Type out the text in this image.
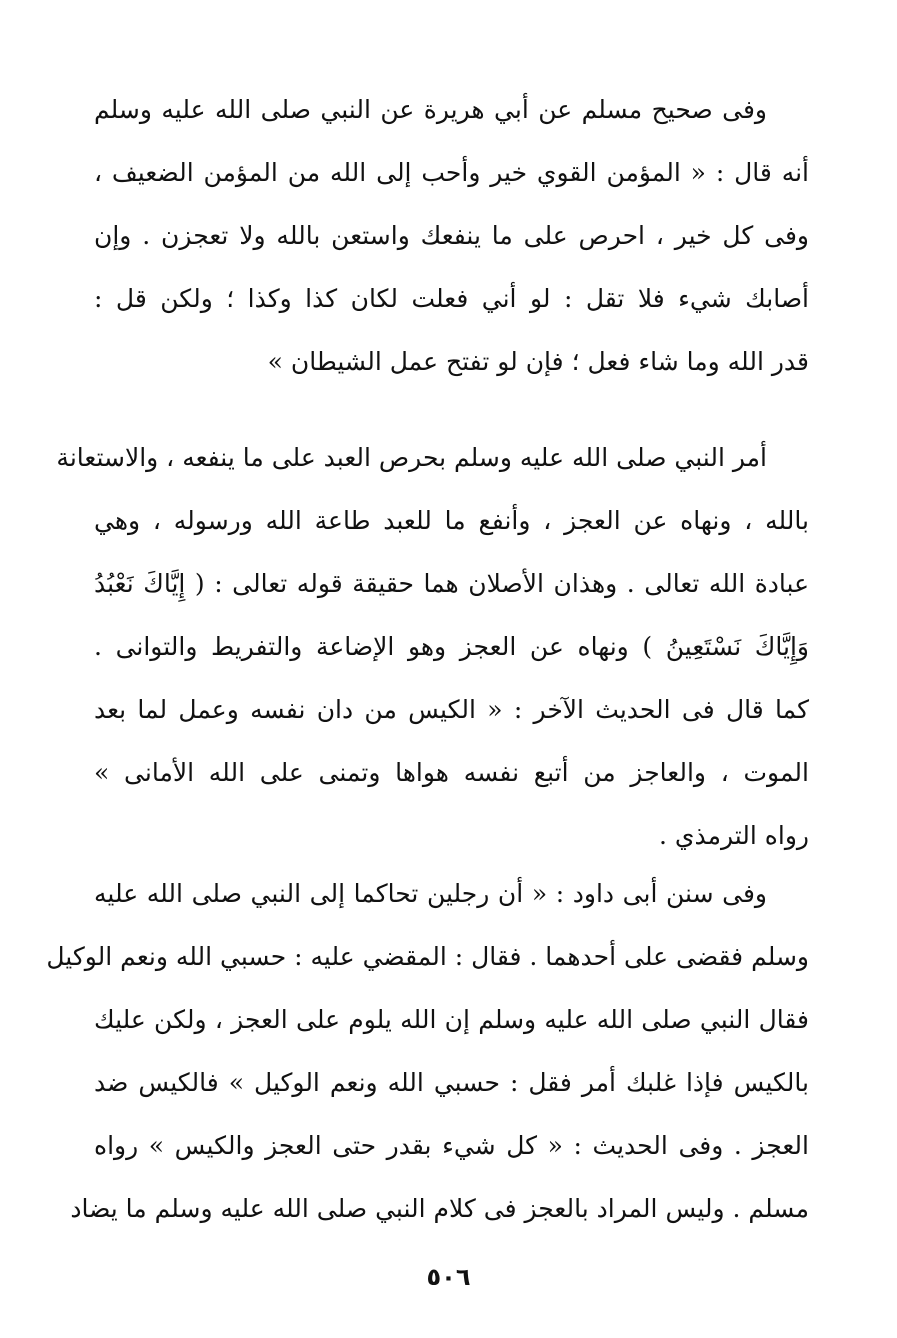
وفى صحيح مسلم عن أبي هريرة عن النبي صلى الله عليه وسلم
أنه قال : « المؤمن القوي خير وأحب إلى الله من المؤمن الضعيف ،
وفى كل خير ، احرص على ما ينفعك واستعن بالله ولا تعجزن . وإن
أصابك شيء فلا تقل : لو أني فعلت لكان كذا وكذا ؛ ولكن قل :
قدر الله وما شاء فعل ؛ فإن لو تفتح عمل الشيطان »

أمر النبي صلى الله عليه وسلم بحرص العبد على ما ينفعه ، والاستعانة
بالله ، ونهاه عن العجز ، وأنفع ما للعبد طاعة الله ورسوله ، وهي
عبادة الله تعالى . وهذان الأصلان هما حقيقة قوله تعالى : ( إِيَّاكَ نَعْبُدُ
وَإِيَّاكَ نَسْتَعِينُ ) ونهاه عن العجز وهو الإضاعة والتفريط والتوانى .
كما قال فى الحديث الآخر : « الكيس من دان نفسه وعمل لما بعد
الموت ، والعاجز من أتبع نفسه هواها وتمنى على الله الأمانى »
رواه الترمذي .

وفى سنن أبى داود : « أن رجلين تحاكما إلى النبي صلى الله عليه
وسلم فقضى على أحدهما . فقال : المقضي عليه : حسبي الله ونعم الوكيل
فقال النبي صلى الله عليه وسلم إن الله يلوم على العجز ، ولكن عليك
بالكيس فإذا غلبك أمر فقل : حسبي الله ونعم الوكيل » فالكيس ضد
العجز . وفى الحديث : « كل شيء بقدر حتى العجز والكيس » رواه
مسلم . وليس المراد بالعجز فى كلام النبي صلى الله عليه وسلم ما يضاد

٥٠٦
